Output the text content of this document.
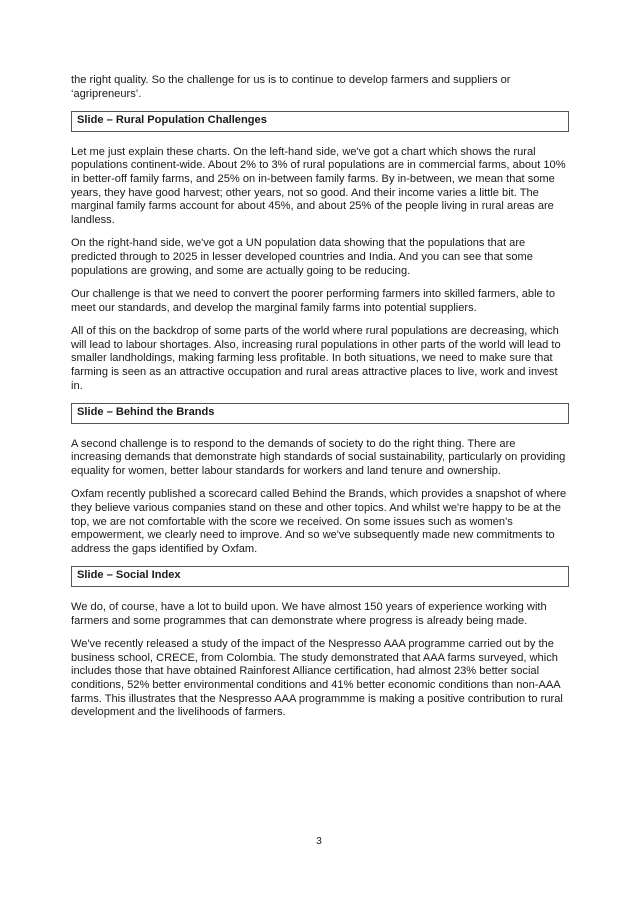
the right quality. So the challenge for us is to continue to develop farmers and suppliers or ‘agripreneurs’.

Slide – Rural Population Challenges

Let me just explain these charts. On the left-hand side, we've got a chart which shows the rural populations continent-wide. About 2% to 3% of rural populations are in commercial farms, about 10% in better-off family farms, and 25% on in-between family farms. By in-between, we mean that some years, they have good harvest; other years, not so good. And their income varies a little bit. The marginal family farms account for about 45%, and about 25% of the people living in rural areas are landless.

On the right-hand side, we've got a UN population data showing that the populations that are predicted through to 2025 in lesser developed countries and India. And you can see that some populations are growing, and some are actually going to be reducing.

Our challenge is that we need to convert the poorer performing farmers into skilled farmers, able to meet our standards, and develop the marginal family farms into potential suppliers.

All of this on the backdrop of some parts of the world where rural populations are decreasing, which will lead to labour shortages. Also, increasing rural populations in other parts of the world will lead to smaller landholdings, making farming less profitable. In both situations, we need to make sure that farming is seen as an attractive occupation and rural areas attractive places to live, work and invest in.

Slide – Behind the Brands

A second challenge is to respond to the demands of society to do the right thing. There are increasing demands that demonstrate high standards of social sustainability, particularly on providing equality for women, better labour standards for workers and land tenure and ownership.

Oxfam recently published a scorecard called Behind the Brands, which provides a snapshot of where they believe various companies stand on these and other topics. And whilst we're happy to be at the top, we are not comfortable with the score we received. On some issues such as women's empowerment, we clearly need to improve. And so we've subsequently made new commitments to address the gaps identified by Oxfam.

Slide – Social Index

We do, of course, have a lot to build upon. We have almost 150 years of experience working with farmers and some programmes that can demonstrate where progress is already being made.

We've recently released a study of the impact of the Nespresso AAA programme carried out by the business school, CRECE, from Colombia. The study demonstrated that AAA farms surveyed, which includes those that have obtained Rainforest Alliance certification, had almost 23% better social conditions, 52% better environmental conditions and 41% better economic conditions than non-AAA farms. This illustrates that the Nespresso AAA programmme is making a positive contribution to rural development and the livelihoods of farmers.

3
